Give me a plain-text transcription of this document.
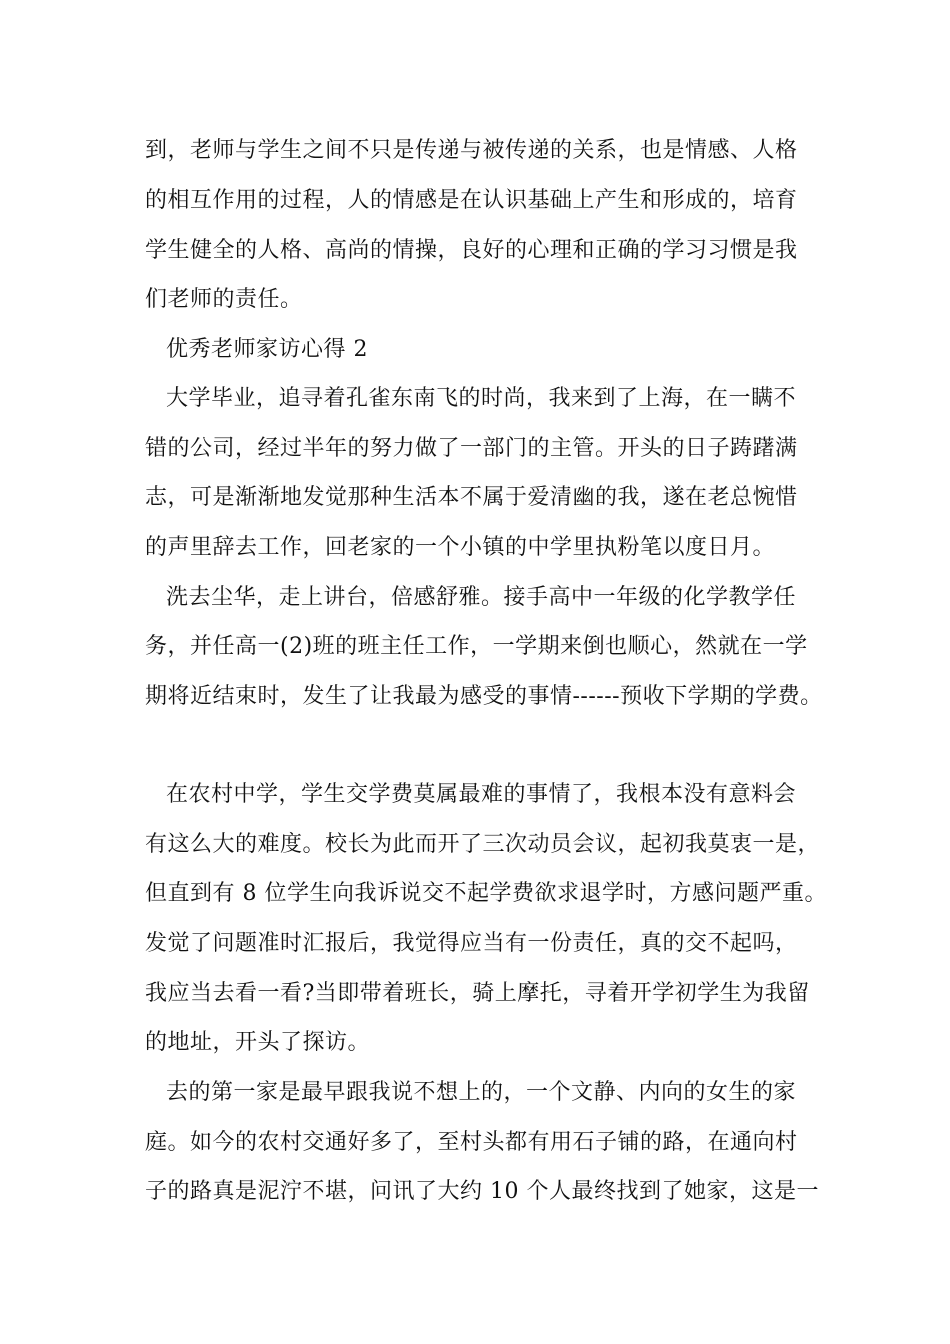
到，老师与学生之间不只是传递与被传递的关系，也是情感、人格
的相互作用的过程，人的情感是在认识基础上产生和形成的，培育
学生健全的人格、高尚的情操，良好的心理和正确的学习习惯是我
们老师的责任。
优秀老师家访心得 2
大学毕业，追寻着孔雀东南飞的时尚，我来到了上海，在一瞒不
错的公司，经过半年的努力做了一部门的主管。开头的日子踌躇满
志，可是渐渐地发觉那种生活本不属于爱清幽的我，遂在老总惋惜
的声里辞去工作，回老家的一个小镇的中学里执粉笔以度日月。
洗去尘华，走上讲台，倍感舒雅。接手高中一年级的化学教学任
务，并任高一(2)班的班主任工作，一学期来倒也顺心，然就在一学
期将近结束时，发生了让我最为感受的事情------预收下学期的学费。
在农村中学，学生交学费莫属最难的事情了，我根本没有意料会
有这么大的难度。校长为此而开了三次动员会议，起初我莫衷一是，
但直到有 8 位学生向我诉说交不起学费欲求退学时，方感问题严重。
发觉了问题准时汇报后，我觉得应当有一份责任，真的交不起吗，
我应当去看一看?当即带着班长，骑上摩托，寻着开学初学生为我留
的地址，开头了探访。
去的第一家是最早跟我说不想上的，一个文静、内向的女生的家
庭。如今的农村交通好多了，至村头都有用石子铺的路，在通向村
子的路真是泥泞不堪，问讯了大约 10 个人最终找到了她家，这是一
